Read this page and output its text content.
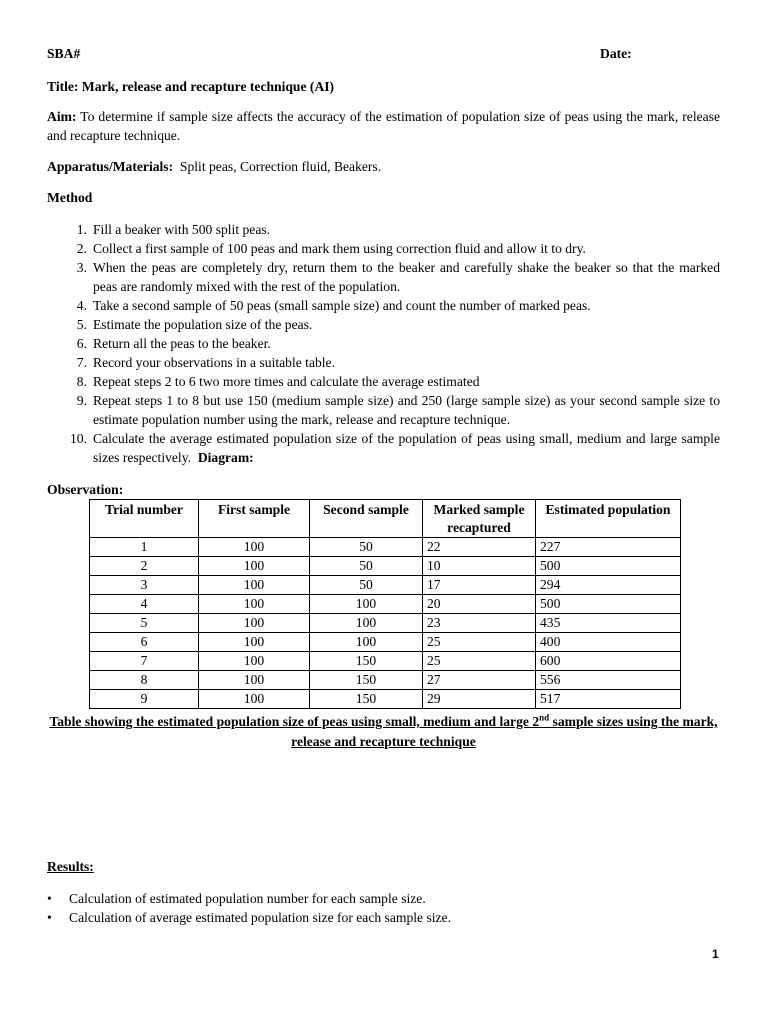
SBA#	Date:
Title: Mark, release and recapture technique (AI)
Aim: To determine if sample size affects the accuracy of the estimation of population size of peas using the mark, release and recapture technique.
Apparatus/Materials: Split peas, Correction fluid, Beakers.
Method
1. Fill a beaker with 500 split peas.
2. Collect a first sample of 100 peas and mark them using correction fluid and allow it to dry.
3. When the peas are completely dry, return them to the beaker and carefully shake the beaker so that the marked peas are randomly mixed with the rest of the population.
4. Take a second sample of 50 peas (small sample size) and count the number of marked peas.
5. Estimate the population size of the peas.
6. Return all the peas to the beaker.
7. Record your observations in a suitable table.
8. Repeat steps 2 to 6 two more times and calculate the average estimated
9. Repeat steps 1 to 8 but use 150 (medium sample size) and 250 (large sample size) as your second sample size to estimate population number using the mark, release and recapture technique.
10. Calculate the average estimated population size of the population of peas using small, medium and large sample sizes respectively. Diagram:
Observation:
Trial number	First sample	Second sample	Marked sample recaptured	Estimated population
1	100	50	22	227
2	100	50	10	500
3	100	50	17	294
4	100	100	20	500
5	100	100	23	435
6	100	100	25	400
7	100	150	25	600
8	100	150	27	556
9	100	150	29	517
Table showing the estimated population size of peas using small, medium and large 2nd sample sizes using the mark, release and recapture technique
Results:
•	Calculation of estimated population number for each sample size.
•	Calculation of average estimated population size for each sample size.
1
